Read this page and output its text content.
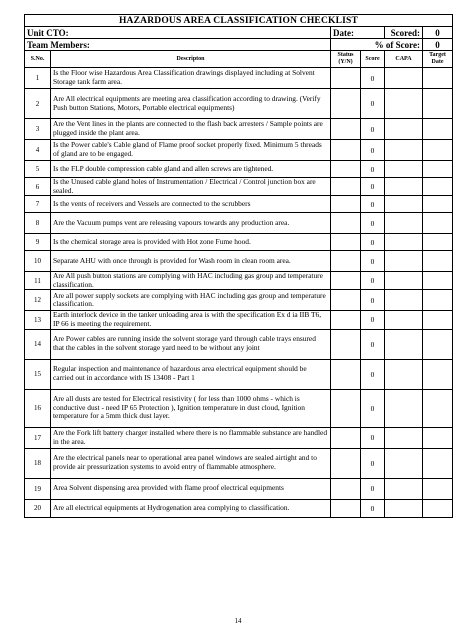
HAZARDOUS AREA CLASSIFICATION CHECKLIST					
Unit CTO:		Date:		Scored:	0
Team Members:		% of Score:			0
S.No.	Descripton	Status (Y/N)	Score	CAPA	Target Date
1	Is the Floor wise Hazardous Area Classification drawings displayed including at Solvent Storage tank farm area.		0		
2	Are All electrical equipments are meeting area classification according to drawing. (Verify Push button Stations, Motors, Portable electrical equipments)		0		
3	Are the Vent lines in the plants are connected to the flash back arresters / Sample points are plugged inside the plant area.		0		
4	Is the Power cable's Cable gland of Flame proof socket properly fixed. Minimum 5 threads of gland are to be engaged.		0		
5	Is the FLP double compression cable gland and allen screws are tightened.		0		
6	Is the Unused cable gland holes of Instrumentation / Electrical / Control junction box are sealed.		0		
7	Is the vents of receivers and Vessels are connected to the scrubbers		0		
8	Are the Vacuum pumps vent are releasing vapours towards any production area.		0		
9	Is the chemical storage area is provided with Hot zone Fume hood.		0		
10	Separate AHU with once through is provided for Wash room in clean room area.		0		
11	Are All push button stations are complying with HAC including gas group and temperature classification.		0		
12	Are all power supply sockets are complying with HAC including gas group and temperature classification.		0		
13	Earth interlock device in the tanker unloading area is with the specification Ex d ia IIB T6, IP 66 is meeting the requirement.		0		
14	Are Power cables are running inside the solvent storage yard through cable trays ensured that the cables in the solvent storage yard need to be without any joint		0		
15	Regular inspection and maintenance of hazardous area electrical equipment should be carried out in accordance with IS 13408 - Part 1		0		
16	Are all dusts are tested for Electrical resistivity ( for less than 1000 ohms - which is conductive dust - need IP 65 Protection ), Ignition temperature in dust cloud, Ignition temperature for a 5mm thick dust layer.		0		
17	Are the Fork lift battery charger installed where there is no flammable substance are handled in the area.		0		
18	Are the electrical panels near to operational area panel windows are sealed airtight and to provide air pressurization systems to avoid entry of flammable atmosphere.		0		
19	Area Solvent dispensing area provided with flame proof electrical equipments		0		
20	Are all electrical equipments at Hydrogenation area complying to classification.		0		
14
